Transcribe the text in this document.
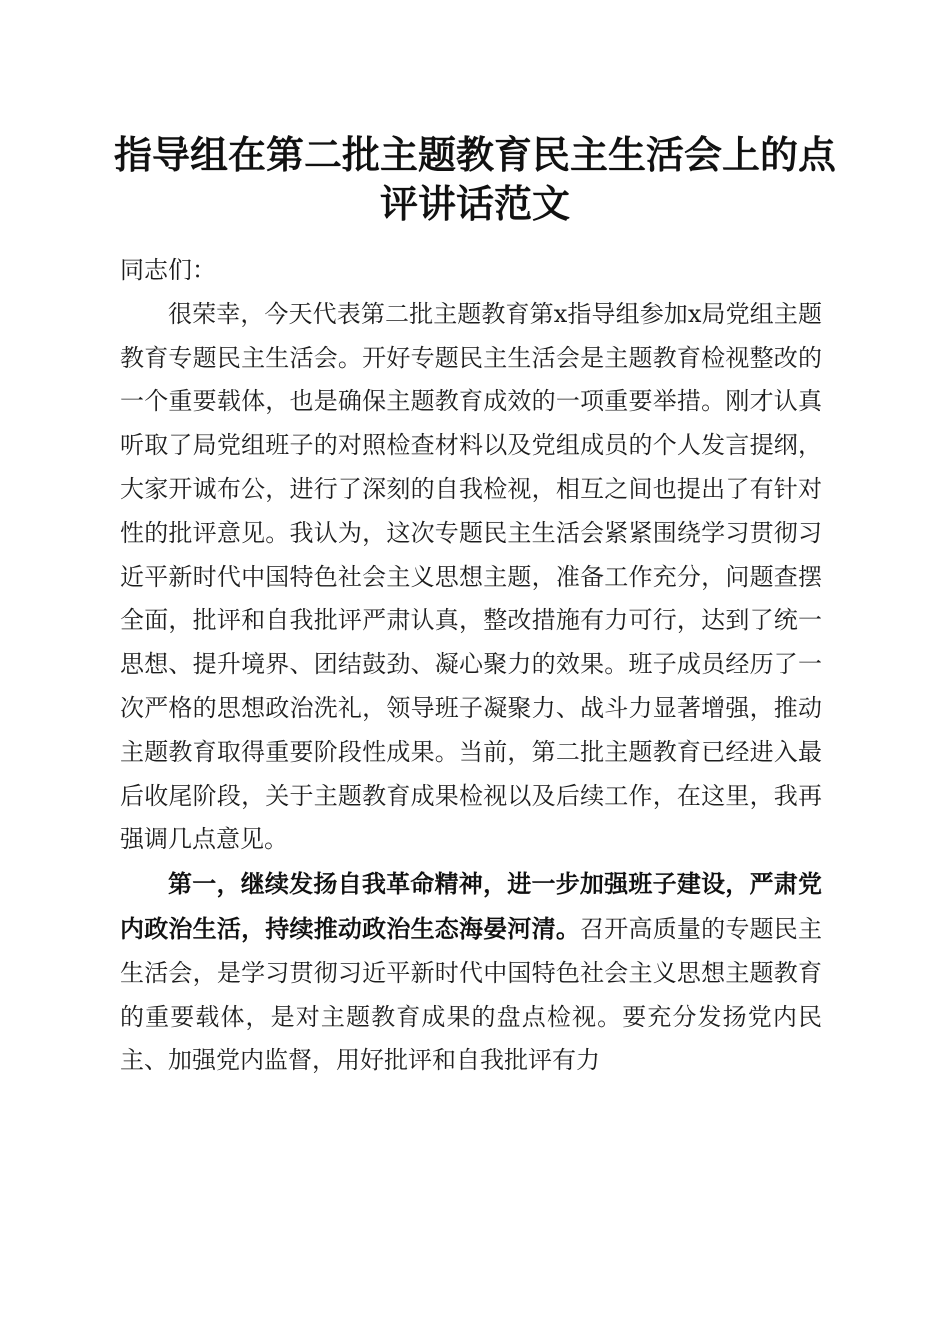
指导组在第二批主题教育民主生活会上的点评讲话范文

同志们：

很荣幸，今天代表第二批主题教育第x指导组参加x局党组主题教育专题民主生活会。开好专题民主生活会是主题教育检视整改的一个重要载体，也是确保主题教育成效的一项重要举措。刚才认真听取了局党组班子的对照检查材料以及党组成员的个人发言提纲，大家开诚布公，进行了深刻的自我检视，相互之间也提出了有针对性的批评意见。我认为，这次专题民主生活会紧紧围绕学习贯彻习近平新时代中国特色社会主义思想主题，准备工作充分，问题查摆全面，批评和自我批评严肃认真，整改措施有力可行，达到了统一思想、提升境界、团结鼓劲、凝心聚力的效果。班子成员经历了一次严格的思想政治洗礼，领导班子凝聚力、战斗力显著增强，推动主题教育取得重要阶段性成果。当前，第二批主题教育已经进入最后收尾阶段，关于主题教育成果检视以及后续工作，在这里，我再强调几点意见。

第一，继续发扬自我革命精神，进一步加强班子建设，严肃党内政治生活，持续推动政治生态海晏河清。召开高质量的专题民主生活会，是学习贯彻习近平新时代中国特色社会主义思想主题教育的重要载体，是对主题教育成果的盘点检视。要充分发扬党内民主、加强党内监督，用好批评和自我批评有力
